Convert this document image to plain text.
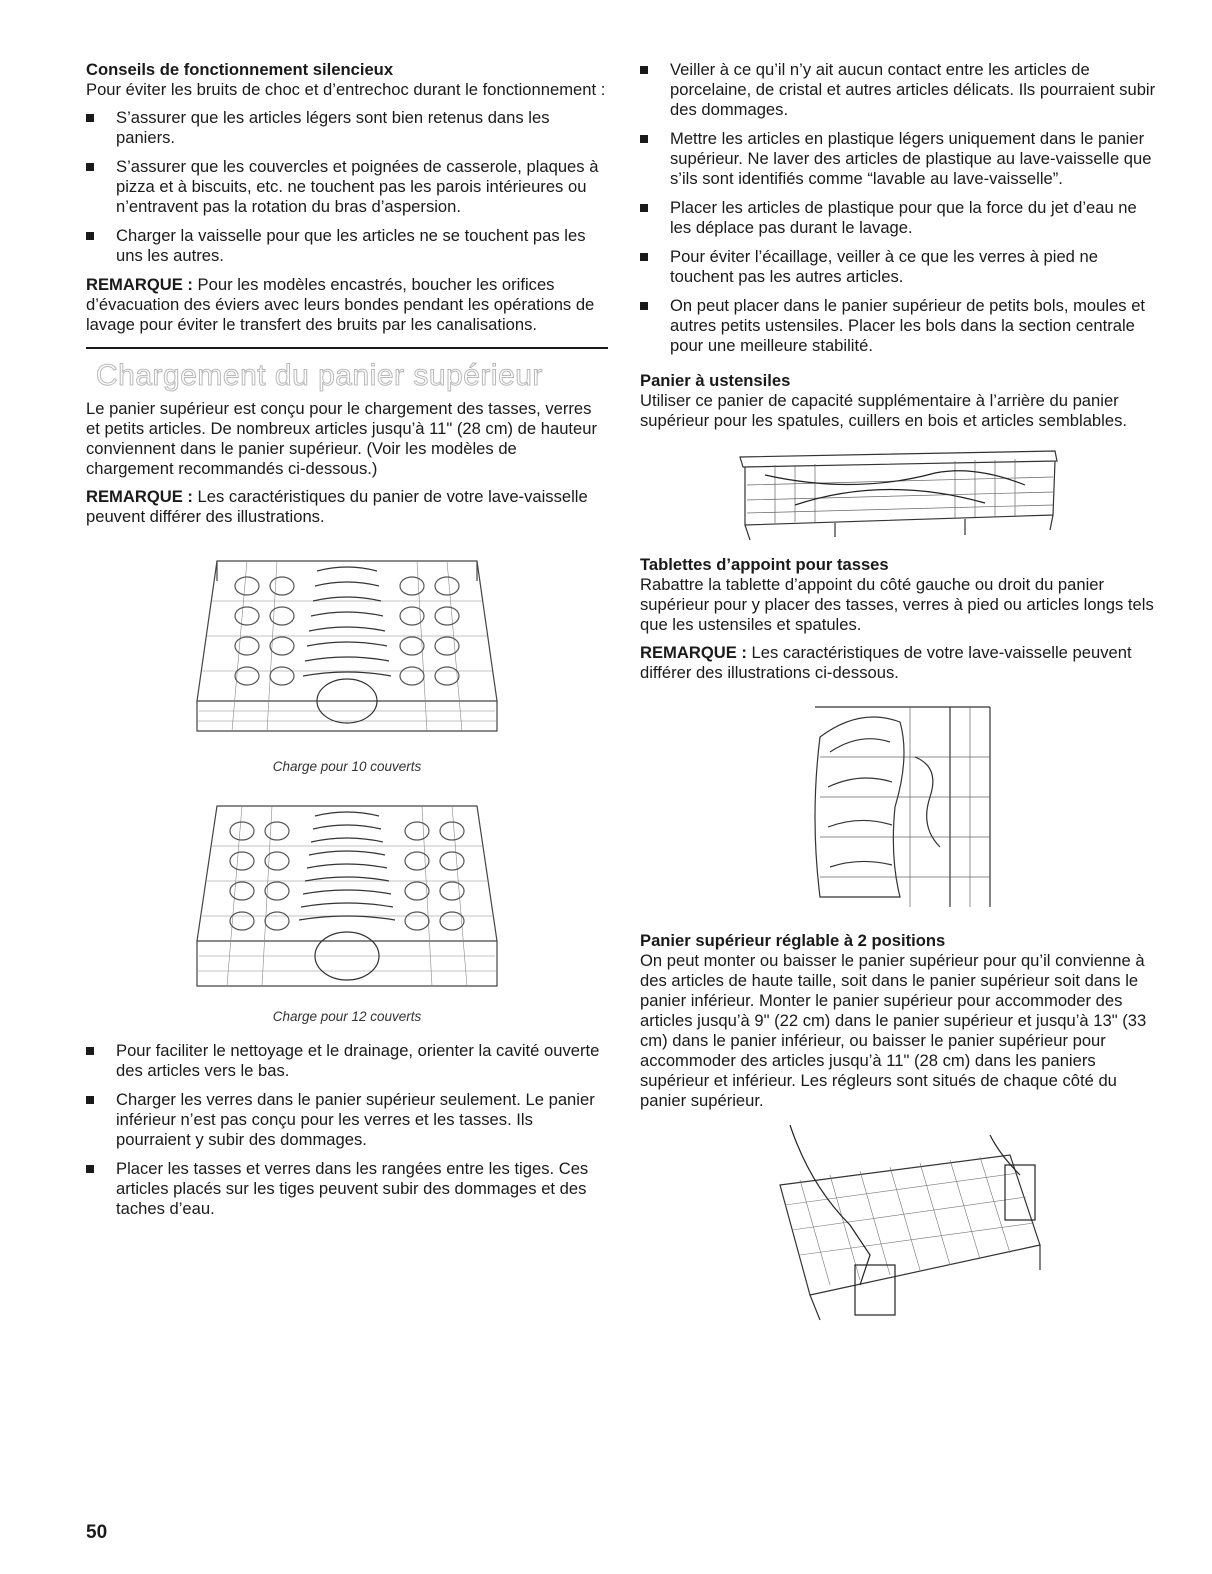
Conseils de fonctionnement silencieux

Pour éviter les bruits de choc et d’entrechoc durant le fonctionnement :

S’assurer que les articles légers sont bien retenus dans les paniers.
S’assurer que les couvercles et poignées de casserole, plaques à pizza et à biscuits, etc. ne touchent pas les parois intérieures ou n’entravent pas la rotation du bras d’aspersion.
Charger la vaisselle pour que les articles ne se touchent pas les uns les autres.

REMARQUE : Pour les modèles encastrés, boucher les orifices d’évacuation des éviers avec leurs bondes pendant les opérations de lavage pour éviter le transfert des bruits par les canalisations.

Chargement du panier supérieur

Le panier supérieur est conçu pour le chargement des tasses, verres et petits articles. De nombreux articles jusqu’à 11" (28 cm) de hauteur conviennent dans le panier supérieur. (Voir les modèles de chargement recommandés ci-dessous.)

REMARQUE : Les caractéristiques du panier de votre lave-vaisselle peuvent différer des illustrations.

Charge pour 10 couverts

Charge pour 12 couverts

Pour faciliter le nettoyage et le drainage, orienter la cavité ouverte des articles vers le bas.
Charger les verres dans le panier supérieur seulement. Le panier inférieur n’est pas conçu pour les verres et les tasses. Ils pourraient y subir des dommages.
Placer les tasses et verres dans les rangées entre les tiges. Ces articles placés sur les tiges peuvent subir des dommages et des taches d’eau.
Veiller à ce qu’il n’y ait aucun contact entre les articles de porcelaine, de cristal et autres articles délicats. Ils pourraient subir des dommages.
Mettre les articles en plastique légers uniquement dans le panier supérieur. Ne laver des articles de plastique au lave-vaisselle que s’ils sont identifiés comme “lavable au lave-vaisselle”.
Placer les articles de plastique pour que la force du jet d’eau ne les déplace pas durant le lavage.
Pour éviter l’écaillage, veiller à ce que les verres à pied ne touchent pas les autres articles.
On peut placer dans le panier supérieur de petits bols, moules et autres petits ustensiles. Placer les bols dans la section centrale pour une meilleure stabilité.
Panier à ustensiles

Utiliser ce panier de capacité supplémentaire à l’arrière du panier supérieur pour les spatules, cuillers en bois et articles semblables.

Tablettes d’appoint pour tasses

Rabattre la tablette d’appoint du côté gauche ou droit du panier supérieur pour y placer des tasses, verres à pied ou articles longs tels que les ustensiles et spatules.

REMARQUE : Les caractéristiques de votre lave-vaisselle peuvent différer des illustrations ci-dessous.

Panier supérieur réglable à 2 positions

On peut monter ou baisser le panier supérieur pour qu’il convienne à des articles de haute taille, soit dans le panier supérieur soit dans le panier inférieur. Monter le panier supérieur pour accommoder des articles jusqu’à 9" (22 cm) dans le panier supérieur et jusqu’à 13" (33 cm) dans le panier inférieur, ou baisser le panier supérieur pour accommoder des articles jusqu’à 11" (28 cm) dans les paniers supérieur et inférieur. Les régleurs sont situés de chaque côté du panier supérieur.

50
